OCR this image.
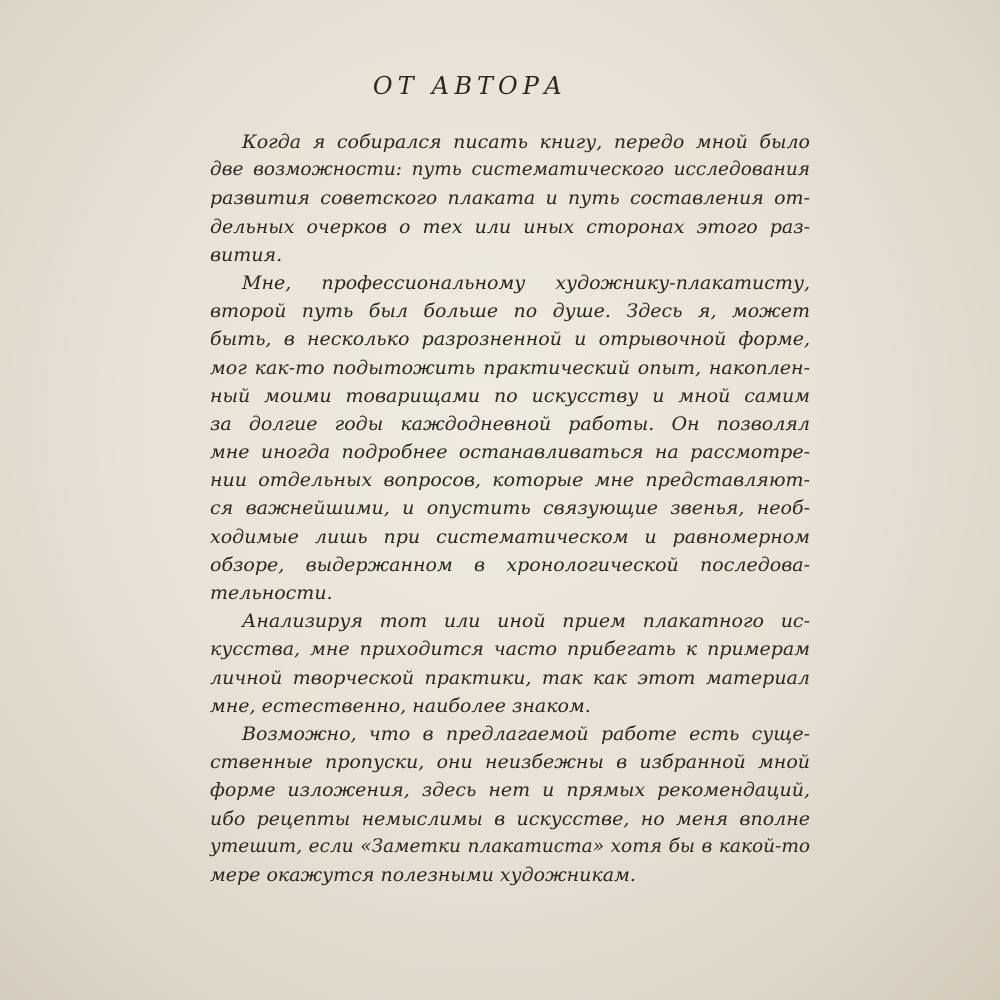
ОТ АВТОРА
Когда я собирался писать книгу, передо мной было
две возможности: путь систематического исследования
развития советского плаката и путь составления от-
дельных очерков о тех или иных сторонах этого раз-
вития.
Мне, профессиональному художнику-плакатисту,
второй путь был больше по душе. Здесь я, может
быть, в несколько разрозненной и отрывочной форме,
мог как-то подытожить практический опыт, накоплен-
ный моими товарищами по искусству и мной самим
за долгие годы каждодневной работы. Он позволял
мне иногда подробнее останавливаться на рассмотре-
нии отдельных вопросов, которые мне представляют-
ся важнейшими, и опустить связующие звенья, необ-
ходимые лишь при систематическом и равномерном
обзоре, выдержанном в хронологической последова-
тельности.
Анализируя тот или иной прием плакатного ис-
кусства, мне приходится часто прибегать к примерам
личной творческой практики, так как этот материал
мне, естественно, наиболее знаком.
Возможно, что в предлагаемой работе есть суще-
ственные пропуски, они неизбежны в избранной мной
форме изложения, здесь нет и прямых рекомендаций,
ибо рецепты немыслимы в искусстве, но меня вполне
утешит, если «Заметки плакатиста» хотя бы в какой-то
мере окажутся полезными художникам.
